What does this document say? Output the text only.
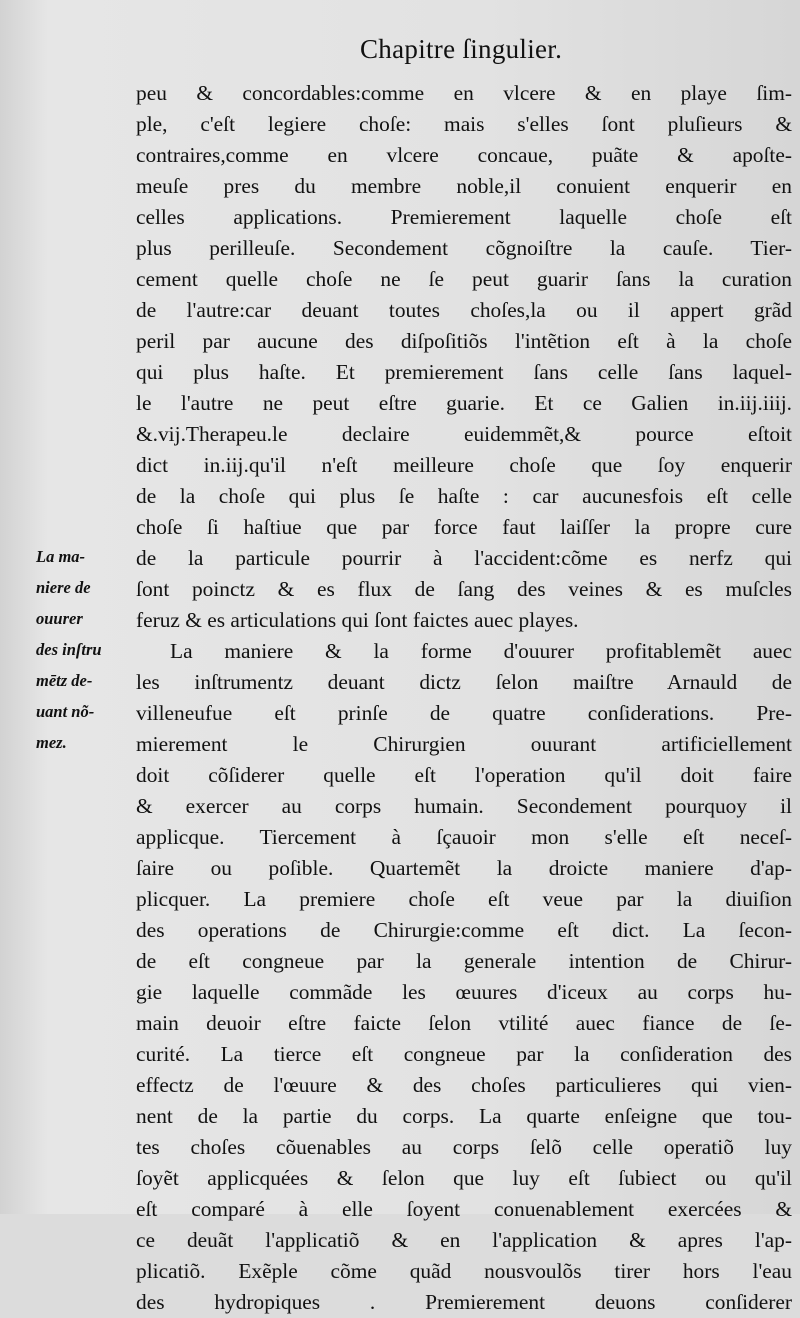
Chapitre ſingulier.
La ma-
niere de
ouurer
des inſtru
mētz de-
uant nõ-
mez.
peu & concordables:comme en vlcere & en playe ſim-
ple, c'eſt legiere choſe: mais s'elles ſont pluſieurs &
contraires,comme en vlcere concaue, puãte & apoſte-
meuſe pres du membre noble,il conuient enquerir en
celles applications. Premierement laquelle choſe eſt
plus perilleuſe. Secondement cõgnoiſtre la cauſe. Tier-
cement quelle choſe ne ſe peut guarir ſans la curation
de l'autre:car deuant toutes choſes,la ou il appert grãd
peril par aucune des diſpoſitiõs l'intẽtion eſt à la choſe
qui plus haſte. Et premierement ſans celle ſans laquel-
le l'autre ne peut eſtre guarie. Et ce Galien in.iij.iiij.
&.vij.Therapeu.le declaire euidemmẽt,& pource eſtoit
dict in.iij.qu'il n'eſt meilleure choſe que ſoy enquerir
de la choſe qui plus ſe haſte : car aucunesfois eſt celle
choſe ſi haſtiue que par force faut laiſſer la propre cure
de la particule pourrir à l'accident:cõme es nerfz qui
ſont poinctz & es flux de ſang des veines & es muſcles
feruz & es articulations qui ſont faictes auec playes.
La maniere & la forme d'ouurer profitablemẽt auec
les inſtrumentz deuant dictz ſelon maiſtre Arnauld de
villeneufue eſt prinſe de quatre conſiderations. Pre-
mierement le Chirurgien ouurant artificiellement
doit cõſiderer quelle eſt l'operation qu'il doit faire
& exercer au corps humain. Secondement pourquoy il
applicque. Tiercement à ſçauoir mon s'elle eſt neceſ-
ſaire ou poſible. Quartemẽt la droicte maniere d'ap-
plicquer. La premiere choſe eſt veue par la diuiſion
des operations de Chirurgie:comme eſt dict. La ſecon-
de eſt congneue par la generale intention de Chirur-
gie laquelle commãde les œuures d'iceux au corps hu-
main deuoir eſtre faicte ſelon vtilité auec fiance de ſe-
curité. La tierce eſt congneue par la conſideration des
effectz de l'œuure & des choſes particulieres qui vien-
nent de la partie du corps. La quarte enſeigne que tou-
tes choſes cõuenables au corps ſelõ celle operatiõ luy
ſoyẽt applicquées & ſelon que luy eſt ſubiect ou qu'il
eſt comparé à elle ſoyent conuenablement exercées &
ce deuãt l'applicatiõ & en l'application & apres l'ap-
plicatiõ. Exẽple cõme quãd nousvoulõs tirer hors l'eau
des hydropiques . Premierement deuons conſiderer
